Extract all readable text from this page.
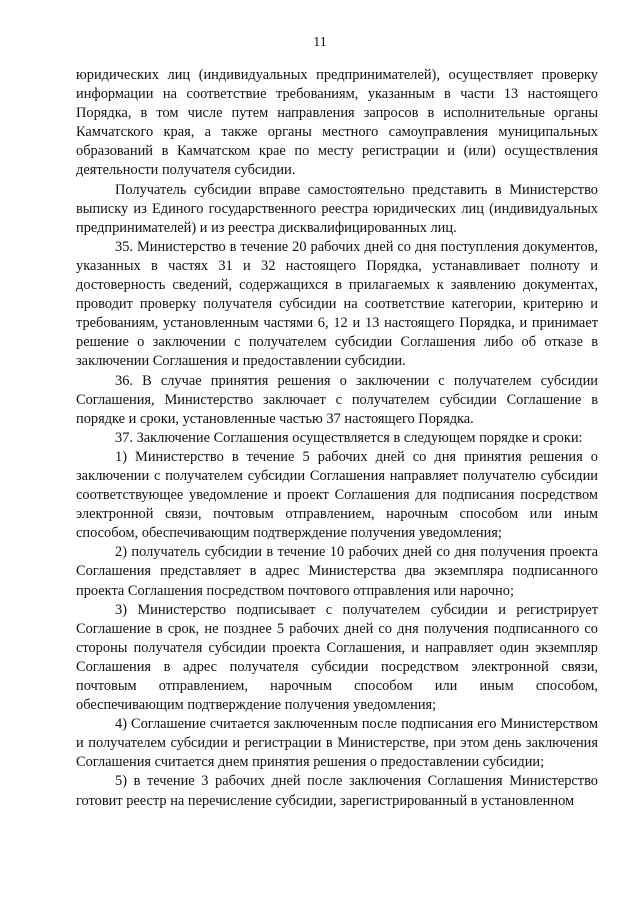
11

юридических лиц (индивидуальных предпринимателей), осуществляет проверку информации на соответствие требованиям, указанным в части 13 настоящего Порядка, в том числе путем направления запросов в исполнительные органы Камчатского края, а также органы местного самоуправления муниципальных образований в Камчатском крае по месту регистрации и (или) осуществления деятельности получателя субсидии.

Получатель субсидии вправе самостоятельно представить в Министерство выписку из Единого государственного реестра юридических лиц (индивидуальных предпринимателей) и из реестра дисквалифицированных лиц.

35. Министерство в течение 20 рабочих дней со дня поступления документов, указанных в частях 31 и 32 настоящего Порядка, устанавливает полноту и достоверность сведений, содержащихся в прилагаемых к заявлению документах, проводит проверку получателя субсидии на соответствие категории, критерию и требованиям, установленным частями 6, 12 и 13 настоящего Порядка, и принимает решение о заключении с получателем субсидии Соглашения либо об отказе в заключении Соглашения и предоставлении субсидии.

36. В случае принятия решения о заключении с получателем субсидии Соглашения, Министерство заключает с получателем субсидии Соглашение в порядке и сроки, установленные частью 37 настоящего Порядка.

37. Заключение Соглашения осуществляется в следующем порядке и сроки:

1) Министерство в течение 5 рабочих дней со дня принятия решения о заключении с получателем субсидии Соглашения направляет получателю субсидии соответствующее уведомление и проект Соглашения для подписания посредством электронной связи, почтовым отправлением, нарочным способом или иным способом, обеспечивающим подтверждение получения уведомления;

2) получатель субсидии в течение 10 рабочих дней со дня получения проекта Соглашения представляет в адрес Министерства два экземпляра подписанного проекта Соглашения посредством почтового отправления или нарочно;

3) Министерство подписывает с получателем субсидии и регистрирует Соглашение в срок, не позднее 5 рабочих дней со дня получения подписанного со стороны получателя субсидии проекта Соглашения, и направляет один экземпляр Соглашения в адрес получателя субсидии посредством электронной связи, почтовым отправлением, нарочным способом или иным способом, обеспечивающим подтверждение получения уведомления;

4) Соглашение считается заключенным после подписания его Министерством и получателем субсидии и регистрации в Министерстве, при этом день заключения Соглашения считается днем принятия решения о предоставлении субсидии;

5) в течение 3 рабочих дней после заключения Соглашения Министерство готовит реестр на перечисление субсидии, зарегистрированный в установленном
